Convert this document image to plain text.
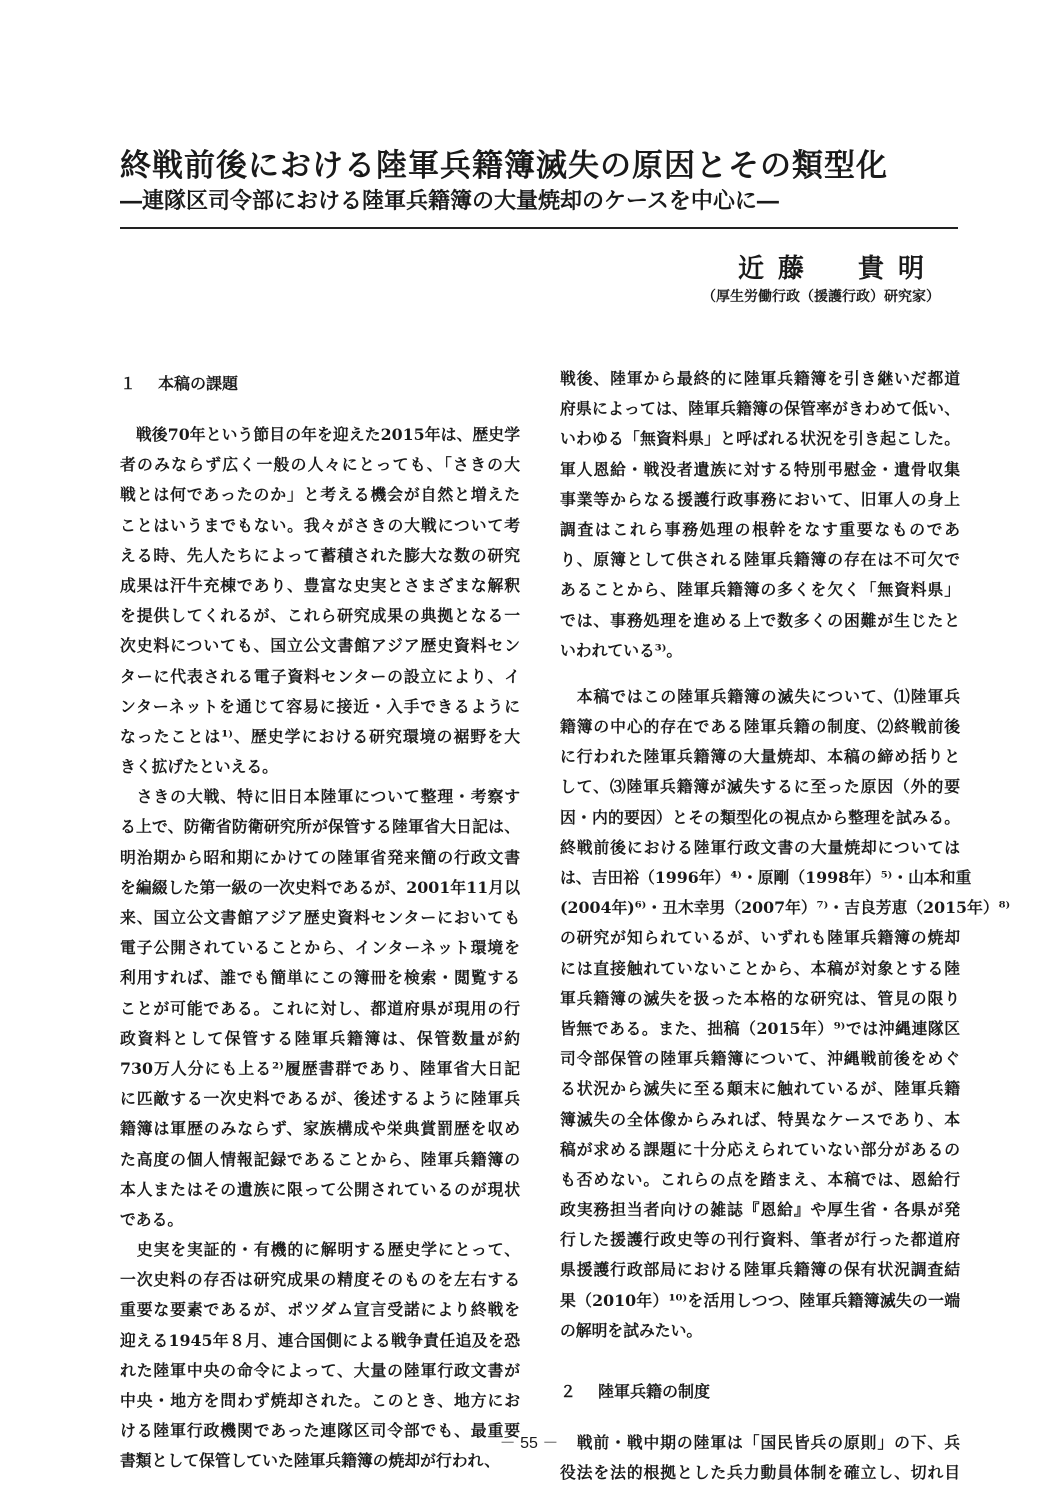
終戦前後における陸軍兵籍簿滅失の原因とその類型化
―連隊区司令部における陸軍兵籍簿の大量焼却のケースを中心に―
近藤　貴明
（厚生労働行政（援護行政）研究家）
１ 本稿の課題
　戦後70年という節目の年を迎えた2015年は、歴史学
者のみならず広く一般の人々にとっても、「さきの大
戦とは何であったのか」と考える機会が自然と増えた
ことはいうまでもない。我々がさきの大戦について考
える時、先人たちによって蓄積された膨大な数の研究
成果は汗牛充棟であり、豊富な史実とさまざまな解釈
を提供してくれるが、これら研究成果の典拠となる一
次史料についても、国立公文書館アジア歴史資料セン
ターに代表される電子資料センターの設立により、イ
ンターネットを通じて容易に接近・入手できるように
なったことは¹⁾、歴史学における研究環境の裾野を大
きく拡げたといえる。
　さきの大戦、特に旧日本陸軍について整理・考察す
る上で、防衛省防衛研究所が保管する陸軍省大日記は、
明治期から昭和期にかけての陸軍省発来簡の行政文書
を編綴した第一級の一次史料であるが、2001年11月以
来、国立公文書館アジア歴史資料センターにおいても
電子公開されていることから、インターネット環境を
利用すれば、誰でも簡単にこの簿冊を検索・閲覧する
ことが可能である。これに対し、都道府県が現用の行
政資料として保管する陸軍兵籍簿は、保管数量が約
730万人分にも上る²⁾履歴書群であり、陸軍省大日記
に匹敵する一次史料であるが、後述するように陸軍兵
籍簿は軍歴のみならず、家族構成や栄典賞罰歴を収め
た高度の個人情報記録であることから、陸軍兵籍簿の
本人またはその遺族に限って公開されているのが現状
である。
　史実を実証的・有機的に解明する歴史学にとって、
一次史料の存否は研究成果の精度そのものを左右する
重要な要素であるが、ポツダム宣言受諾により終戦を
迎える1945年８月、連合国側による戦争責任追及を恐
れた陸軍中央の命令によって、大量の陸軍行政文書が
中央・地方を問わず焼却された。このとき、地方にお
ける陸軍行政機関であった連隊区司令部でも、最重要
書類として保管していた陸軍兵籍簿の焼却が行われ、
戦後、陸軍から最終的に陸軍兵籍簿を引き継いだ都道
府県によっては、陸軍兵籍簿の保管率がきわめて低い、
いわゆる「無資料県」と呼ばれる状況を引き起こした。
軍人恩給・戦没者遺族に対する特別弔慰金・遺骨収集
事業等からなる援護行政事務において、旧軍人の身上
調査はこれら事務処理の根幹をなす重要なものであ
り、原簿として供される陸軍兵籍簿の存在は不可欠で
あることから、陸軍兵籍簿の多くを欠く「無資料県」
では、事務処理を進める上で数多くの困難が生じたと
いわれている³⁾。
　本稿ではこの陸軍兵籍簿の滅失について、⑴陸軍兵
籍簿の中心的存在である陸軍兵籍の制度、⑵終戦前後
に行われた陸軍兵籍簿の大量焼却、本稿の締め括りと
して、⑶陸軍兵籍簿が滅失するに至った原因（外的要
因・内的要因）とその類型化の視点から整理を試みる。
終戦前後における陸軍行政文書の大量焼却については
は、吉田裕（1996年）⁴⁾・原剛（1998年）⁵⁾・山本和重
(2004年)⁶⁾・丑木幸男（2007年）⁷⁾・吉良芳恵（2015年）⁸⁾
の研究が知られているが、いずれも陸軍兵籍簿の焼却
には直接触れていないことから、本稿が対象とする陸
軍兵籍簿の滅失を扱った本格的な研究は、管見の限り
皆無である。また、拙稿（2015年）⁹⁾では沖縄連隊区
司令部保管の陸軍兵籍簿について、沖縄戦前後をめぐ
る状況から滅失に至る顛末に触れているが、陸軍兵籍
簿滅失の全体像からみれば、特異なケースであり、本
稿が求める課題に十分応えられていない部分があるの
も否めない。これらの点を踏まえ、本稿では、恩給行
政実務担当者向けの雑誌『恩給』や厚生省・各県が発
行した援護行政史等の刊行資料、筆者が行った都道府
県援護行政部局における陸軍兵籍簿の保有状況調査結
果（2010年）¹⁰⁾を活用しつつ、陸軍兵籍簿滅失の一端
の解明を試みたい。
２ 陸軍兵籍の制度
　戦前・戦中期の陸軍は「国民皆兵の原則」の下、兵
役法を法的根拠とした兵力動員体制を確立し、切れ目
－ 55 －
